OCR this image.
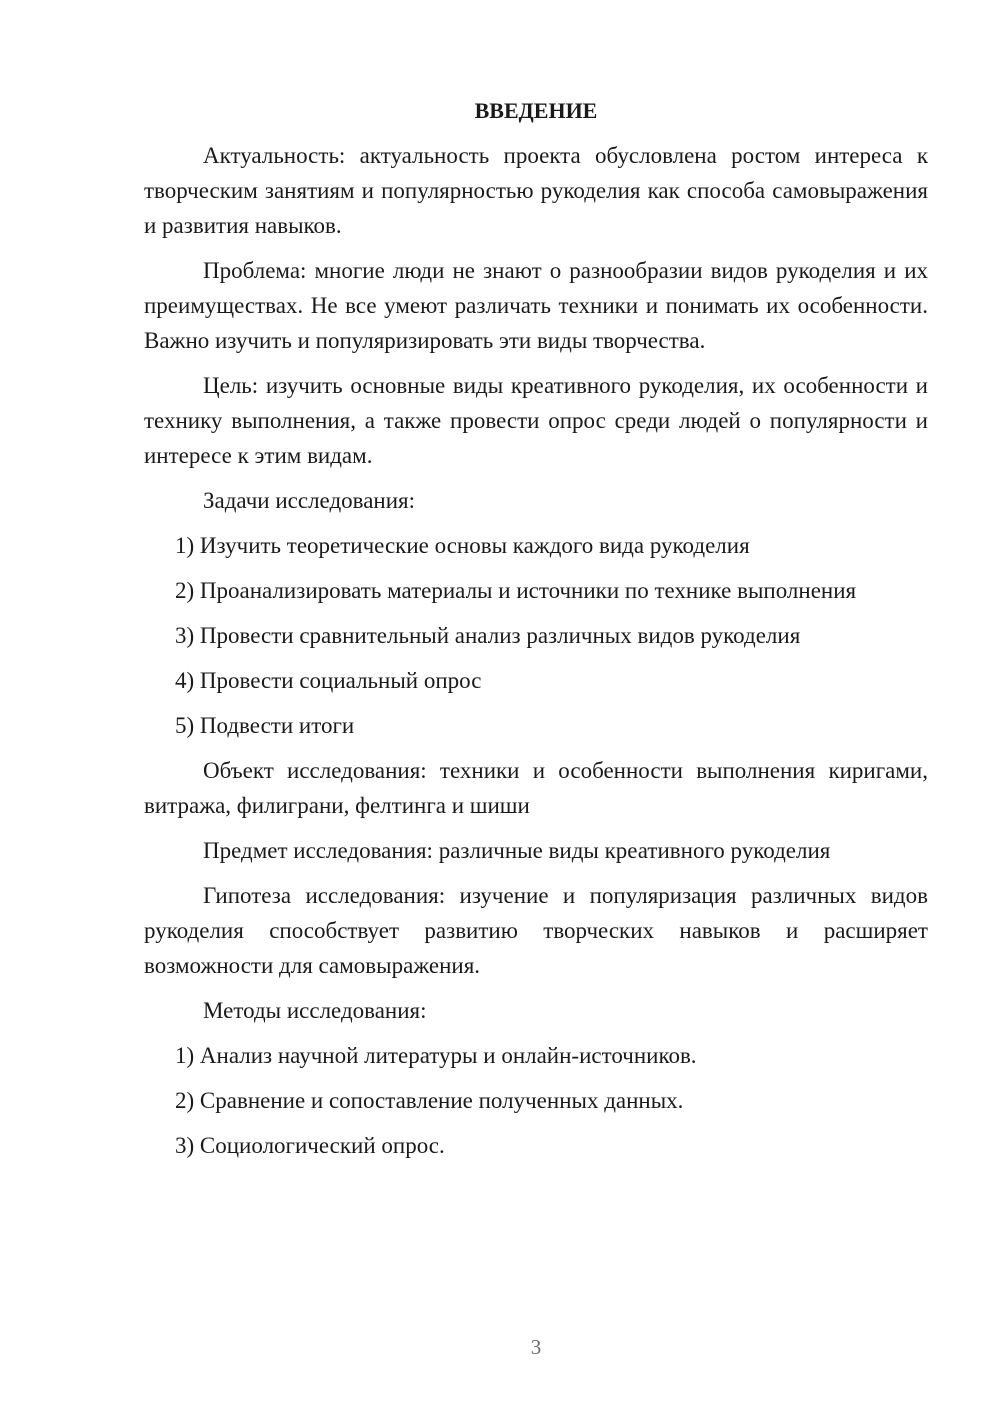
ВВЕДЕНИЕ

Актуальность: актуальность проекта обусловлена ростом интереса к творческим занятиям и популярностью рукоделия как способа самовыражения и развития навыков.

Проблема: многие люди не знают о разнообразии видов рукоделия и их преимуществах. Не все умеют различать техники и понимать их особенности. Важно изучить и популяризировать эти виды творчества.

Цель: изучить основные виды креативного рукоделия, их особенности и технику выполнения, а также провести опрос среди людей о популярности и интересе к этим видам.

Задачи исследования:

1) Изучить теоретические основы каждого вида рукоделия
2) Проанализировать материалы и источники по технике выполнения
3) Провести сравнительный анализ различных видов рукоделия
4) Провести социальный опрос
5) Подвести итоги

Объект исследования: техники и особенности выполнения киригами, витража, филиграни, фелтинга и шиши

Предмет исследования: различные виды креативного рукоделия

Гипотеза исследования: изучение и популяризация различных видов рукоделия способствует развитию творческих навыков и расширяет возможности для самовыражения.

Методы исследования:

1) Анализ научной литературы и онлайн-источников.
2) Сравнение и сопоставление полученных данных.
3) Социологический опрос.
3
